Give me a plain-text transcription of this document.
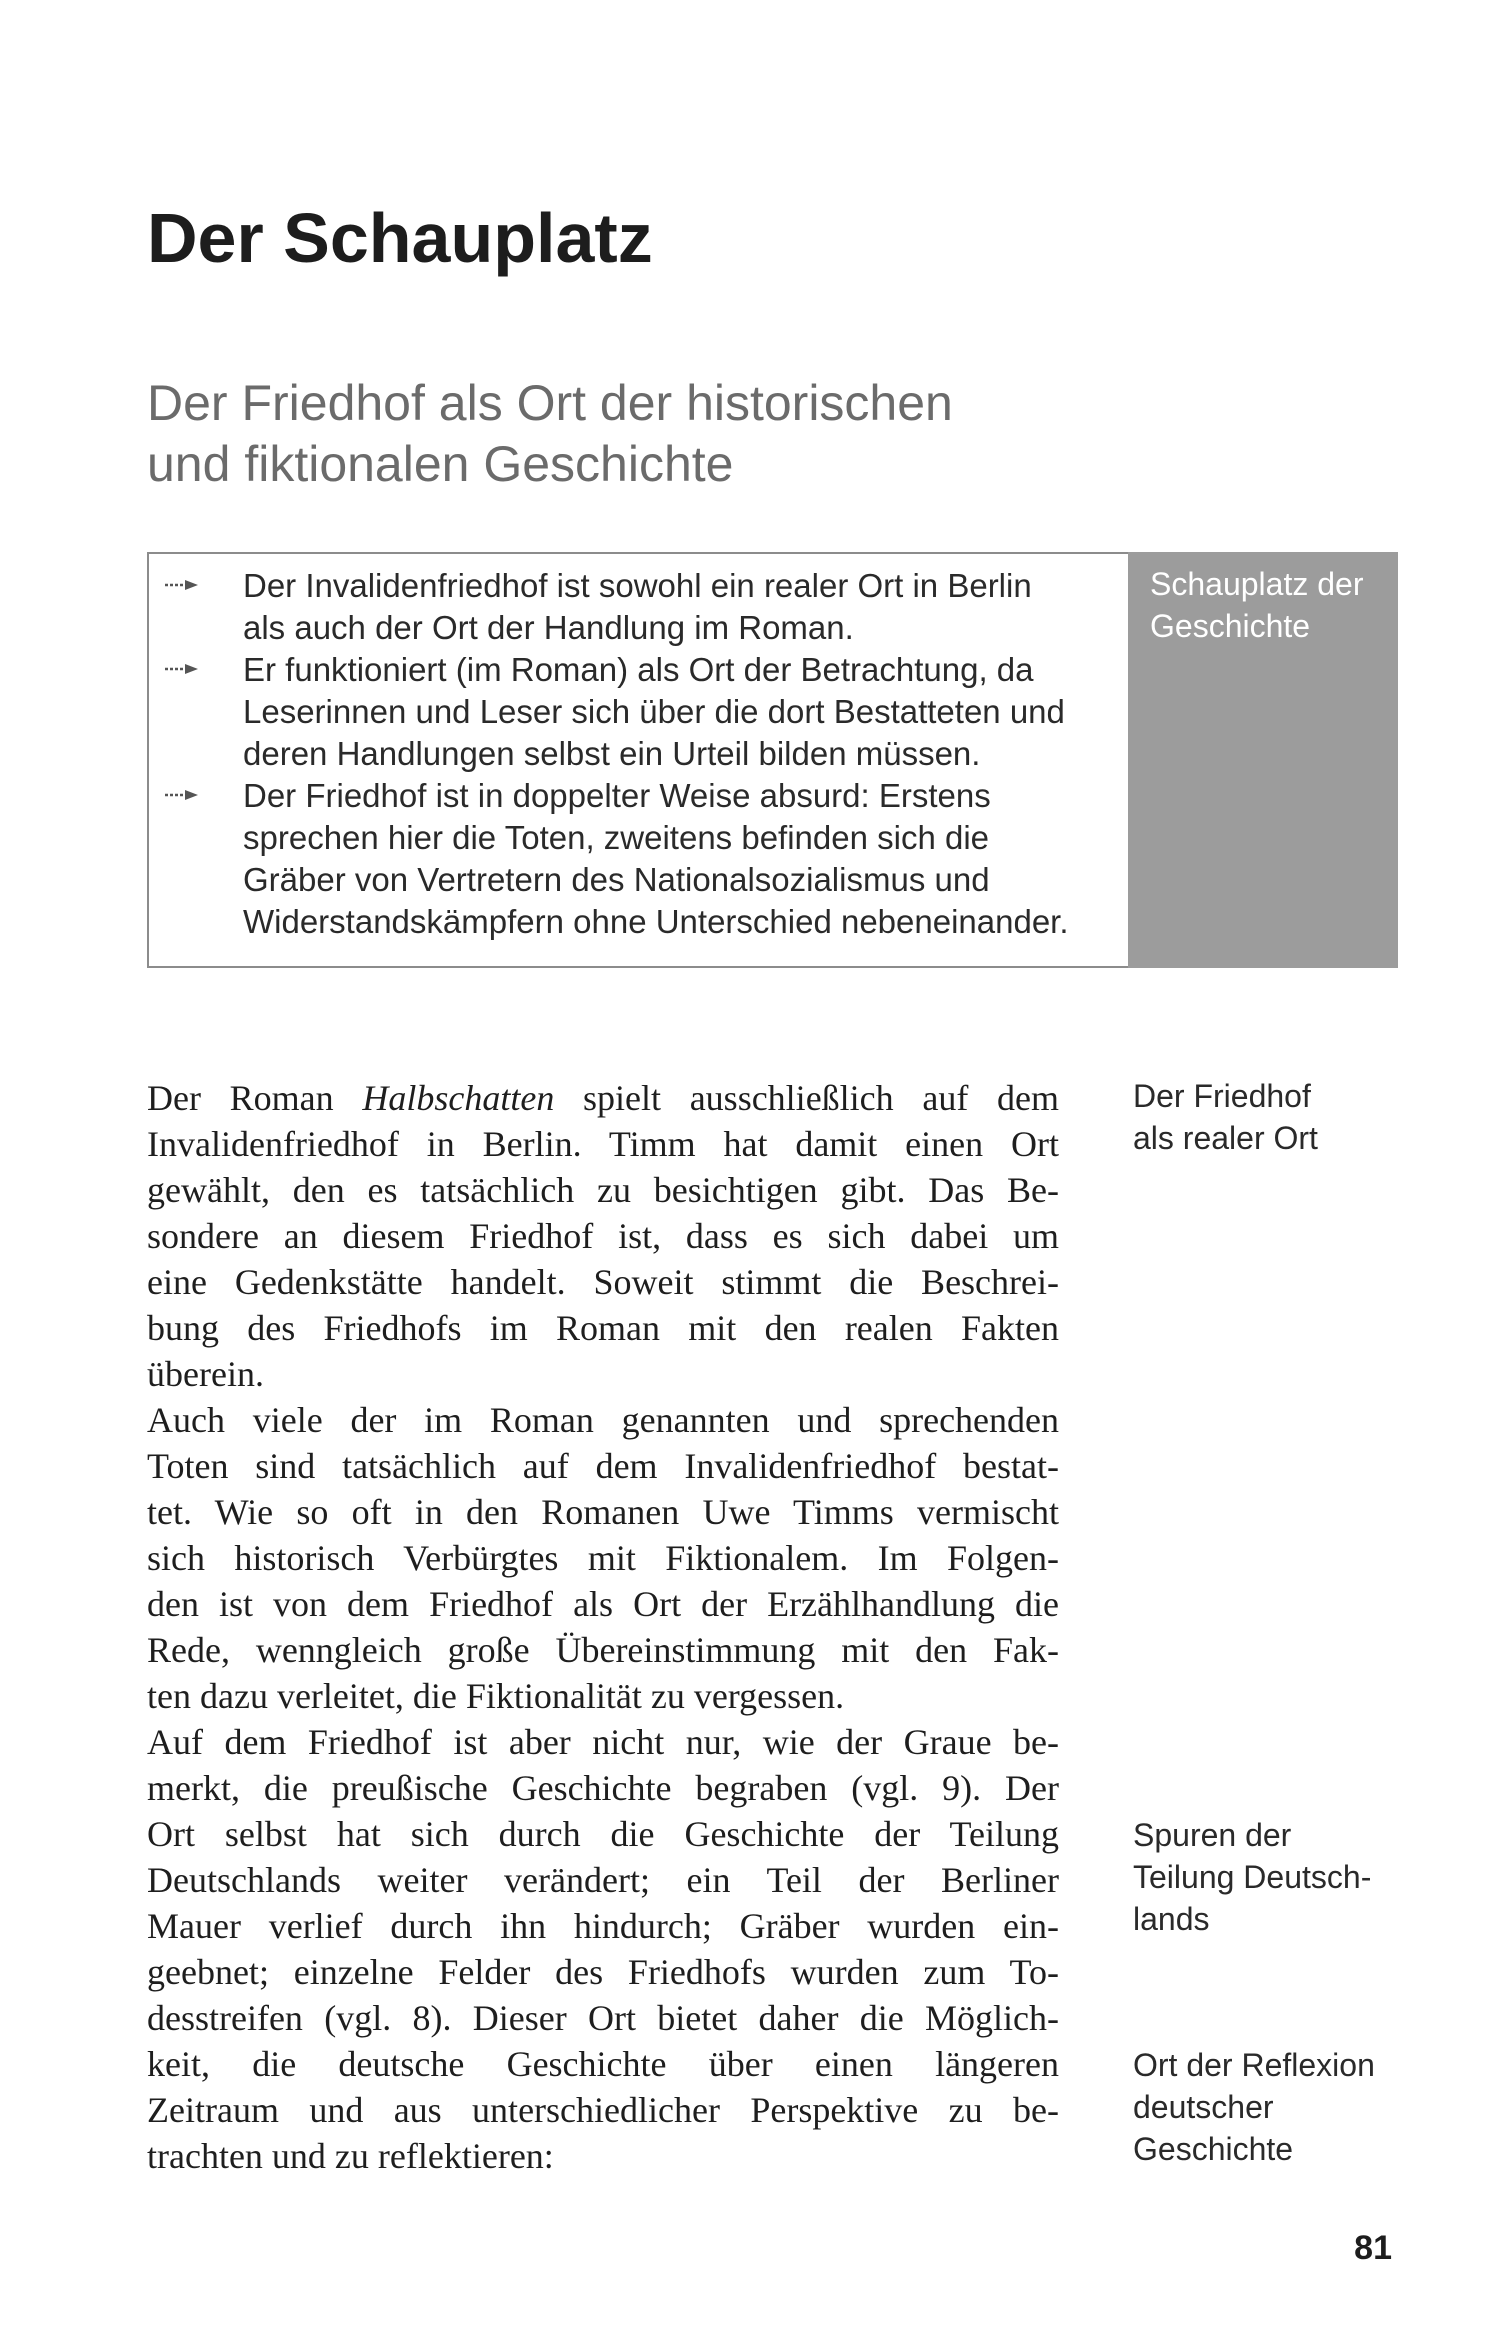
Der Schauplatz
Der Friedhof als Ort der historischen
und fiktionalen Geschichte
Der Invalidenfriedhof ist sowohl ein realer Ort in Berlin
als auch der Ort der Handlung im Roman.
Er funktioniert (im Roman) als Ort der Betrachtung, da
Leserinnen und Leser sich über die dort Bestatteten und
deren Handlungen selbst ein Urteil bilden müssen.
Der Friedhof ist in doppelter Weise absurd: Erstens
sprechen hier die Toten, zweitens befinden sich die
Gräber von Vertretern des Nationalsozialismus und
Widerstandskämpfern ohne Unterschied nebeneinander.
Schauplatz der
Geschichte
Der Roman Halbschatten spielt ausschließlich auf dem
Invalidenfriedhof in Berlin. Timm hat damit einen Ort
gewählt, den es tatsächlich zu besichtigen gibt. Das Be-
sondere an diesem Friedhof ist, dass es sich dabei um
eine Gedenkstätte handelt. Soweit stimmt die Beschrei-
bung des Friedhofs im Roman mit den realen Fakten
überein.
Auch viele der im Roman genannten und sprechenden
Toten sind tatsächlich auf dem Invalidenfriedhof bestat-
tet. Wie so oft in den Romanen Uwe Timms vermischt
sich historisch Verbürgtes mit Fiktionalem. Im Folgen-
den ist von dem Friedhof als Ort der Erzählhandlung die
Rede, wenngleich große Übereinstimmung mit den Fak-
ten dazu verleitet, die Fiktionalität zu vergessen.
Auf dem Friedhof ist aber nicht nur, wie der Graue be-
merkt, die preußische Geschichte begraben (vgl. 9). Der
Ort selbst hat sich durch die Geschichte der Teilung
Deutschlands weiter verändert; ein Teil der Berliner
Mauer verlief durch ihn hindurch; Gräber wurden ein-
geebnet; einzelne Felder des Friedhofs wurden zum To-
desstreifen (vgl. 8). Dieser Ort bietet daher die Möglich-
keit, die deutsche Geschichte über einen längeren
Zeitraum und aus unterschiedlicher Perspektive zu be-
trachten und zu reflektieren:
Der Friedhof
als realer Ort
Spuren der
Teilung Deutsch-
lands
Ort der Reflexion
deutscher
Geschichte
81
